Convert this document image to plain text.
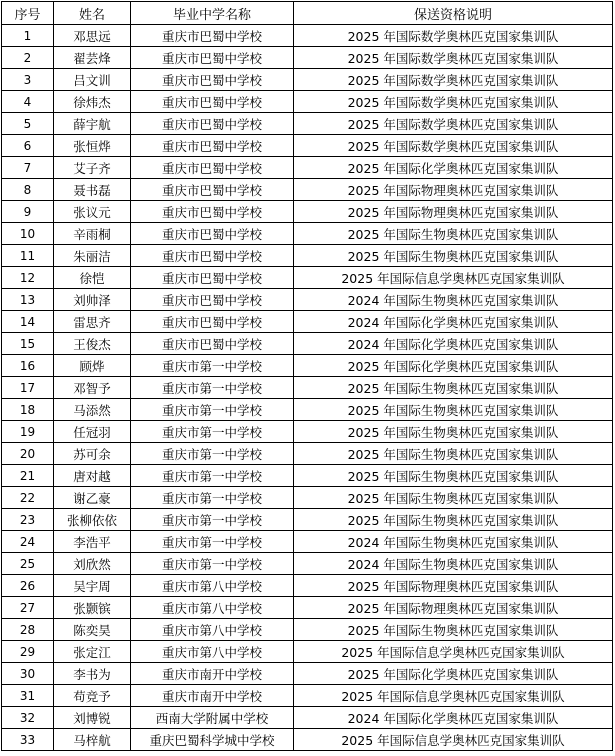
序号	姓名	毕业中学名称	保送资格说明
1	邓思远	重庆市巴蜀中学校	2025 年国际数学奥林匹克国家集训队
2	翟芸烽	重庆市巴蜀中学校	2025 年国际数学奥林匹克国家集训队
3	吕文训	重庆市巴蜀中学校	2025 年国际数学奥林匹克国家集训队
4	徐炜杰	重庆市巴蜀中学校	2025 年国际数学奥林匹克国家集训队
5	薛宇航	重庆市巴蜀中学校	2025 年国际数学奥林匹克国家集训队
6	张恒烨	重庆市巴蜀中学校	2025 年国际数学奥林匹克国家集训队
7	艾子齐	重庆市巴蜀中学校	2025 年国际化学奥林匹克国家集训队
8	聂书磊	重庆市巴蜀中学校	2025 年国际物理奥林匹克国家集训队
9	张议元	重庆市巴蜀中学校	2025 年国际物理奥林匹克国家集训队
10	辛雨桐	重庆市巴蜀中学校	2025 年国际生物奥林匹克国家集训队
11	朱丽洁	重庆市巴蜀中学校	2025 年国际生物奥林匹克国家集训队
12	徐恺	重庆市巴蜀中学校	2025 年国际信息学奥林匹克国家集训队
13	刘帅泽	重庆市巴蜀中学校	2024 年国际生物奥林匹克国家集训队
14	雷思齐	重庆市巴蜀中学校	2024 年国际化学奥林匹克国家集训队
15	王俊杰	重庆市巴蜀中学校	2024 年国际化学奥林匹克国家集训队
16	顾烨	重庆市第一中学校	2025 年国际化学奥林匹克国家集训队
17	邓智予	重庆市第一中学校	2025 年国际生物奥林匹克国家集训队
18	马添然	重庆市第一中学校	2025 年国际生物奥林匹克国家集训队
19	任冠羽	重庆市第一中学校	2025 年国际生物奥林匹克国家集训队
20	苏可余	重庆市第一中学校	2025 年国际生物奥林匹克国家集训队
21	唐对越	重庆市第一中学校	2025 年国际生物奥林匹克国家集训队
22	谢乙豪	重庆市第一中学校	2025 年国际生物奥林匹克国家集训队
23	张柳依依	重庆市第一中学校	2025 年国际生物奥林匹克国家集训队
24	李浩平	重庆市第一中学校	2024 年国际生物奥林匹克国家集训队
25	刘欣然	重庆市第一中学校	2024 年国际生物奥林匹克国家集训队
26	吴宇周	重庆市第八中学校	2025 年国际物理奥林匹克国家集训队
27	张颢镔	重庆市第八中学校	2025 年国际物理奥林匹克国家集训队
28	陈奕昊	重庆市第八中学校	2025 年国际生物奥林匹克国家集训队
29	张定江	重庆市第八中学校	2025 年国际信息学奥林匹克国家集训队
30	李书为	重庆市南开中学校	2025 年国际化学奥林匹克国家集训队
31	苟竞予	重庆市南开中学校	2025 年国际信息学奥林匹克国家集训队
32	刘博锐	西南大学附属中学校	2024 年国际化学奥林匹克国家集训队
33	马梓航	重庆巴蜀科学城中学校	2025 年国际信息学奥林匹克国家集训队
